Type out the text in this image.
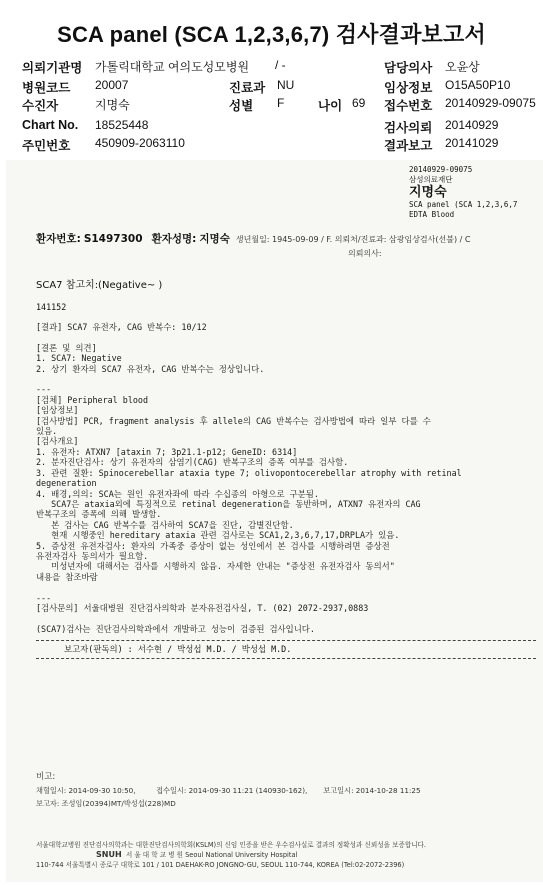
SCA panel (SCA 1,2,3,6,7) 검사결과보고서
의뢰기관명 가톨릭대학교 여의도성모병원 / -
병원코드 20007	진료과 NU
수진자	지명숙	성별 F	나이 69
Chart No. 18525448
주민번호 450909-2063110
담당의사 오윤상
임상정보 O15A50P10
접수번호 20140929-09075
검사의뢰 20140929
결과보고 20141029
20140929-09075
삼성의료재단
지명숙
SCA panel (SCA 1,2,3,6,7
EDTA Blood
환자번호: S1497300 환자성명: 지명숙 생년월일: 1945-09-09 / F. 의뢰처/진료과: 삼광임상검사(선불) / C
의뢰의사:
SCA7 참고치:(Negative~ )
141152
[결과] SCA7 유전자, CAG 반복수: 10/12

[결론 및 의견]
1. SCA7: Negative
2. 상기 환자의 SCA7 유전자, CAG 반복수는 정상입니다.

---
[검체] Peripheral blood
[임상정보]
[검사방법] PCR, fragment analysis 후 allele의 CAG 반복수는 검사방법에 따라 일부 다를 수
있음.
[검사개요]
1. 유전자: ATXN7 [ataxin 7; 3p21.1-p12; GeneID: 6314]
2. 분자진단검사: 상기 유전자의 삼염기(CAG) 반복구조의 증폭 여부를 검사함.
3. 관련 질환: Spinocerebellar ataxia type 7; olivopontocerebellar atrophy with retinal
degeneration
4. 배경,의의: SCA는 원인 유전자좌에 따라 수십종의 아형으로 구분됨.
SCA7은 ataxia외에 특징적으로 retinal degeneration을 동반하며, ATXN7 유전자의 CAG
반복구조의 증폭에 의해 발생함.
본 검사는 CAG 반복수를 검사하여 SCA7을 진단, 감별진단함.
현재 시행중인 hereditary ataxia 관련 검사로는 SCA1,2,3,6,7,17,DRPLA가 있음.
5. 증상전 유전자검사: 환자의 가족중 증상이 없는 성인에서 본 검사를 시행하려면 증상전
유전자검사 동의서가 필요함.
미성년자에 대해서는 검사를 시행하지 않음. 자세한 안내는 "증상전 유전자검사 동의서"
내용을 참조바람

---
[검사문의] 서울대병원 진단검사의학과 분자유전검사실, T. (02) 2072-2937,0883

(SCA7)검사는 진단검사의학과에서 개발하고 성능이 검증된 검사입니다.
보고자(판독의) : 서수현 / 박성섭 M.D. / 박성섭 M.D.
비고:
채혈일시: 2014-09-30 10:50,	접수일시: 2014-09-30 11:21 (140930-162), 보고일시: 2014-10-28 11:25
보고자: 조성임(20394)MT/박성섭(228)MD
서울대학교병원 진단검사의학과는 대한진단검사의학회(KSLM)의 신임 인증을 받은 우수검사실로 결과의 정확성과 신뢰성을 보증합니다.
SNUH 서 울 대 학 교 병 원 Seoul National University Hospital
110-744 서울특별시 종로구 대학로 101 / 101 DAEHAK-RO JONGNO-GU, SEOUL 110-744, KOREA (Tel:02-2072-2396)
